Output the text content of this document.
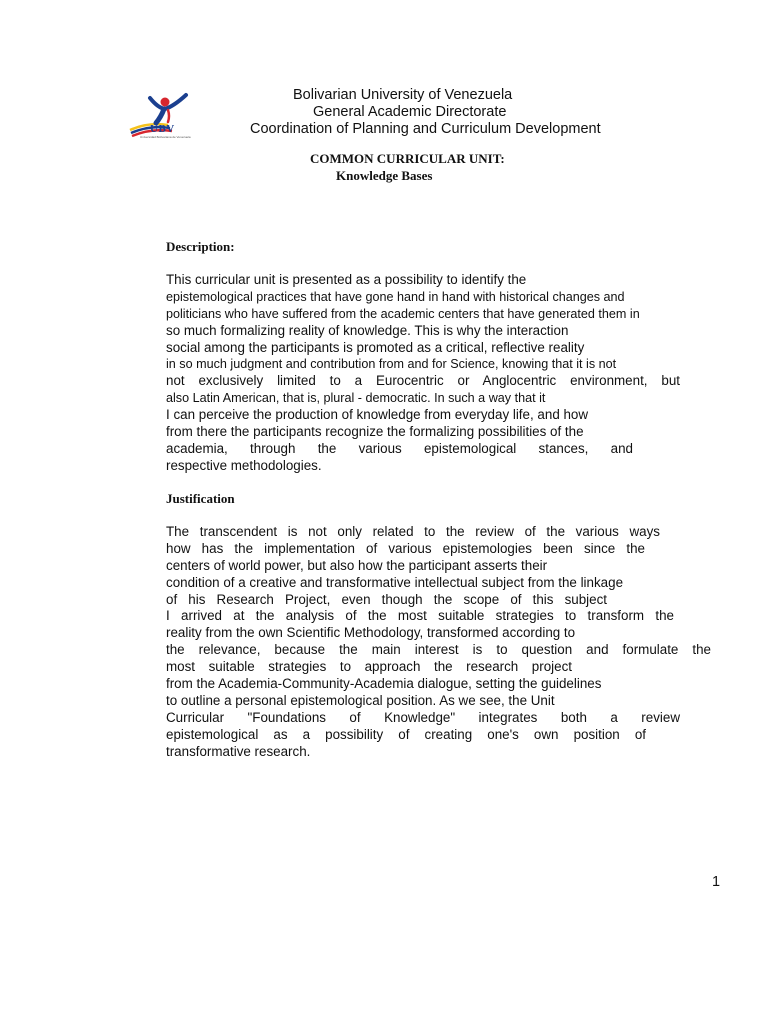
UBV
Universidad Bolivariana de Venezuela
Bolivarian University of Venezuela
General Academic Directorate
Coordination of Planning and Curriculum Development
COMMON CURRICULAR UNIT:
Knowledge Bases
Description:
This curricular unit is presented as a possibility to identify the
epistemological practices that have gone hand in hand with historical changes and
politicians who have suffered from the academic centers that have generated them in
so much formalizing reality of knowledge. This is why the interaction
social among the participants is promoted as a critical, reflective reality
in so much judgment and contribution from and for Science, knowing that it is not
not exclusively limited to a Eurocentric or Anglocentric environment, but
also Latin American, that is, plural - democratic. In such a way that it
I can perceive the production of knowledge from everyday life, and how
from there the participants recognize the formalizing possibilities of the
academia, through the various epistemological stances, and
respective methodologies.
Justification
The transcendent is not only related to the review of the various ways
how has the implementation of various epistemologies been since the
centers of world power, but also how the participant asserts their
condition of a creative and transformative intellectual subject from the linkage
of his Research Project, even though the scope of this subject
I arrived at the analysis of the most suitable strategies to transform the
reality from the own Scientific Methodology, transformed according to
the relevance, because the main interest is to question and formulate the
most suitable strategies to approach the research project
from the Academia-Community-Academia dialogue, setting the guidelines
to outline a personal epistemological position. As we see, the Unit
Curricular "Foundations of Knowledge" integrates both a review
epistemological as a possibility of creating one's own position of
transformative research.
1
